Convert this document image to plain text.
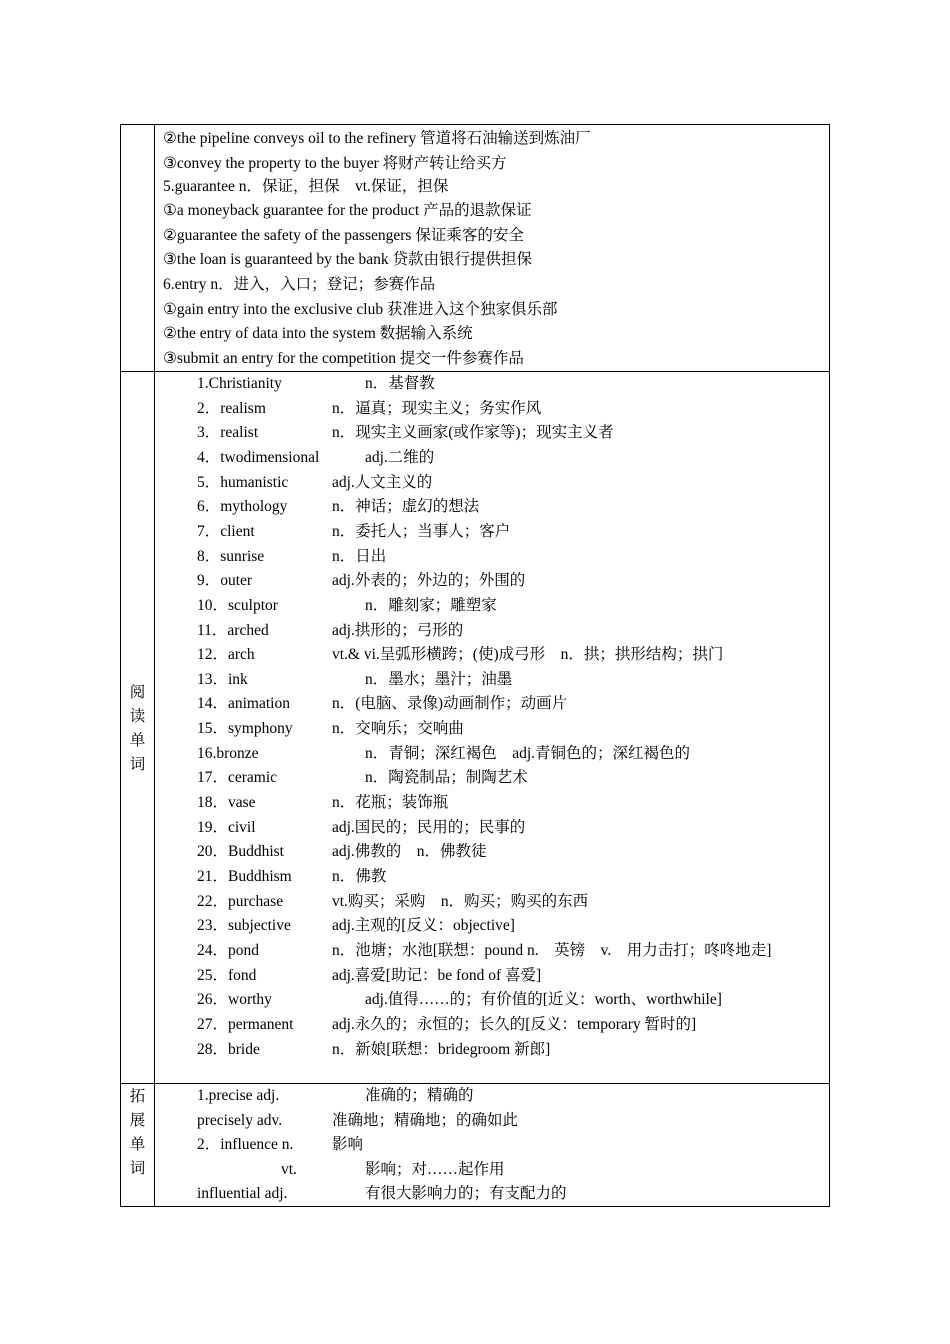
②the pipeline conveys oil to the refinery 管道将石油输送到炼油厂
③convey the property to the buyer 将财产转让给买方
5.guarantee n．保证，担保　vt.保证，担保
①a moneyback guarantee for the product 产品的退款保证
②guarantee the safety of the passengers 保证乘客的安全
③the loan is guaranteed by the bank 贷款由银行提供担保
6.entry n．进入，入口；登记；参赛作品
①gain entry into the exclusive club 获准进入这个独家俱乐部
②the entry of data into the system 数据输入系统
③submit an entry for the competition 提交一件参赛作品
阅
读
单
词
1.Christianity	n．基督教
2．realism	n．逼真；现实主义；务实作风
3．realist	n．现实主义画家(或作家等)；现实主义者
4．twodimensional	adj.二维的
5．humanistic	adj.人文主义的
6．mythology	n．神话；虚幻的想法
7．client	n．委托人；当事人；客户
8．sunrise	n．日出
9．outer	adj.外表的；外边的；外围的
10．sculptor	n．雕刻家；雕塑家
11．arched	adj.拱形的；弓形的
12．arch	vt.& vi.呈弧形横跨；(使)成弓形　n．拱；拱形结构；拱门
13．ink	n．墨水；墨汁；油墨
14．animation	n．(电脑、录像)动画制作；动画片
15．symphony	n．交响乐；交响曲
16.bronze	n．青铜；深红褐色　adj.青铜色的；深红褐色的
17．ceramic	n．陶瓷制品；制陶艺术
18．vase	n．花瓶；装饰瓶
19．civil	adj.国民的；民用的；民事的
20．Buddhist	adj.佛教的　n．佛教徒
21．Buddhism	n．佛教
22．purchase	vt.购买；采购　n．购买；购买的东西
23．subjective	adj.主观的[反义：objective]
24．pond	n．池塘；水池[联想：pound n.　英镑　v.　用力击打；咚咚地走]
25．fond	adj.喜爱[助记：be fond of 喜爱]
26．worthy	adj.值得……的；有价值的[近义：worth、worthwhile]
27．permanent adj.永久的；永恒的；长久的[反义：temporary 暂时的]
28．bride	n．新娘[联想：bridegroom 新郎]
拓
展
单
词
1.precise adj.	准确的；精确的
precisely adv.	准确地；精确地；的确如此
2．influence n. 影响
vt.	影响；对……起作用
influential adj.	有很大影响力的；有支配力的
